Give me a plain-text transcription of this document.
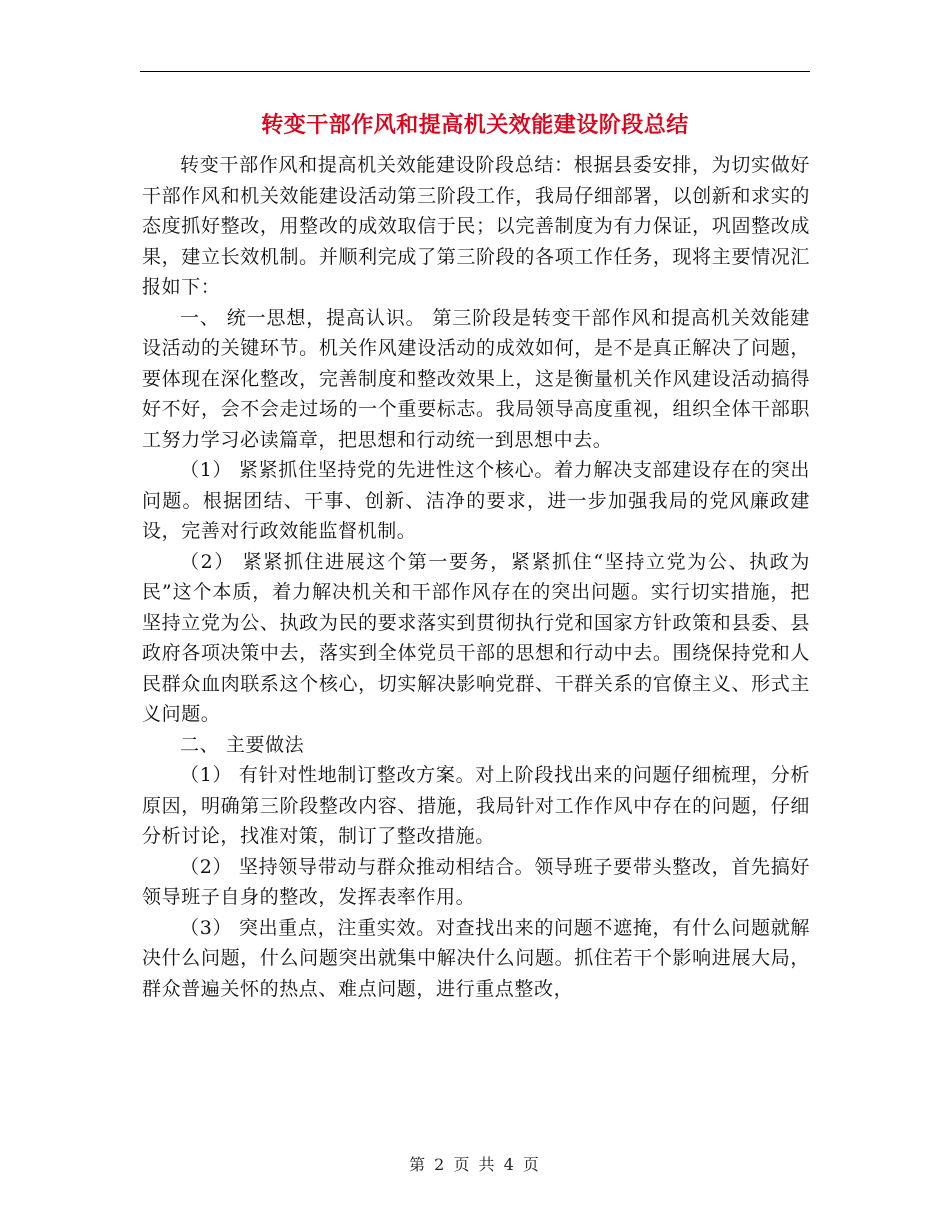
转变干部作风和提高机关效能建设阶段总结

转变干部作风和提高机关效能建设阶段总结：根据县委安排，为切实做好干部作风和机关效能建设活动第三阶段工作，我局仔细部署，以创新和求实的态度抓好整改，用整改的成效取信于民；以完善制度为有力保证，巩固整改成果，建立长效机制。并顺利完成了第三阶段的各项工作任务，现将主要情况汇报如下：

一、 统一思想，提高认识。 第三阶段是转变干部作风和提高机关效能建设活动的关键环节。机关作风建设活动的成效如何，是不是真正解决了问题，要体现在深化整改，完善制度和整改效果上，这是衡量机关作风建设活动搞得好不好，会不会走过场的一个重要标志。我局领导高度重视，组织全体干部职工努力学习必读篇章，把思想和行动统一到思想中去。

（1） 紧紧抓住坚持党的先进性这个核心。着力解决支部建设存在的突出问题。根据团结、干事、创新、洁净的要求，进一步加强我局的党风廉政建设，完善对行政效能监督机制。

（2） 紧紧抓住进展这个第一要务，紧紧抓住“坚持立党为公、执政为民”这个本质，着力解决机关和干部作风存在的突出问题。实行切实措施，把坚持立党为公、执政为民的要求落实到贯彻执行党和国家方针政策和县委、县政府各项决策中去，落实到全体党员干部的思想和行动中去。围绕保持党和人民群众血肉联系这个核心，切实解决影响党群、干群关系的官僚主义、形式主义问题。

二、 主要做法

（1） 有针对性地制订整改方案。对上阶段找出来的问题仔细梳理，分析原因，明确第三阶段整改内容、措施，我局针对工作作风中存在的问题，仔细分析讨论，找准对策，制订了整改措施。

（2） 坚持领导带动与群众推动相结合。领导班子要带头整改，首先搞好领导班子自身的整改，发挥表率作用。

（3） 突出重点，注重实效。对查找出来的问题不遮掩，有什么问题就解决什么问题，什么问题突出就集中解决什么问题。抓住若干个影响进展大局，群众普遍关怀的热点、难点问题，进行重点整改，

第 2 页 共 4 页
